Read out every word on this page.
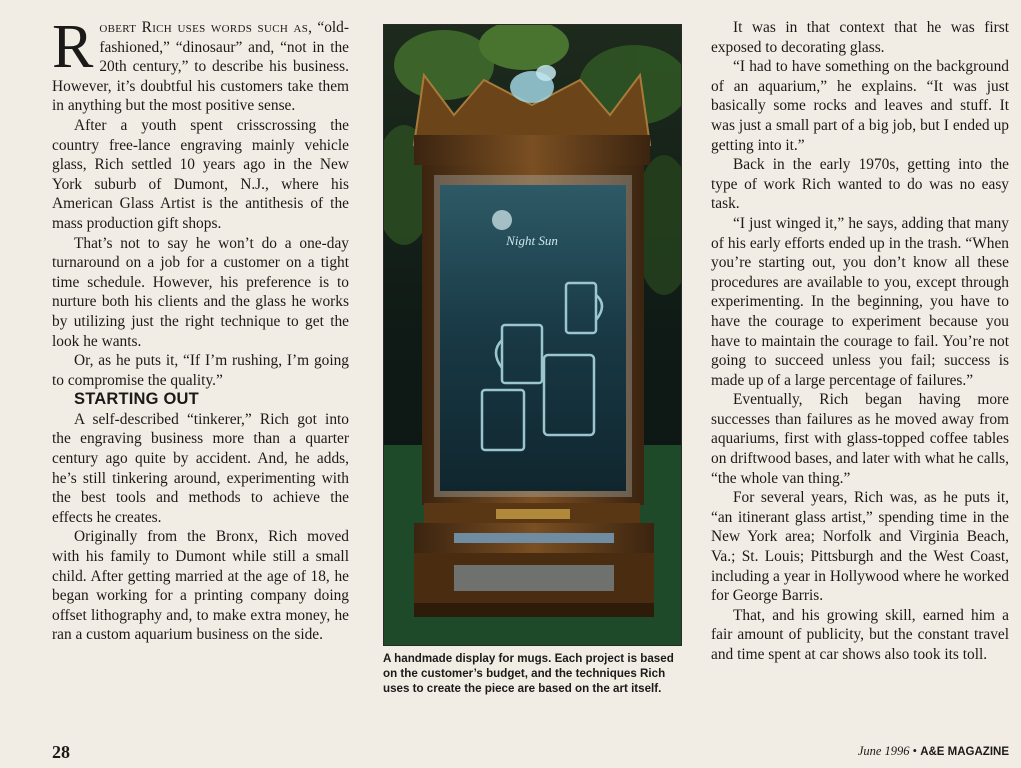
Robert Rich uses words such as, “old-fashioned,” “dinosaur” and, “not in the 20th century,” to describe his business. However, it’s doubtful his customers take them in anything but the most positive sense.

After a youth spent crisscrossing the country free-lance engraving mainly vehicle glass, Rich settled 10 years ago in the New York suburb of Dumont, N.J., where his American Glass Artist is the antithesis of the mass production gift shops.

That’s not to say he won’t do a one-day turnaround on a job for a customer on a tight time schedule. However, his preference is to nurture both his clients and the glass he works by utilizing just the right technique to get the look he wants.

Or, as he puts it, “If I’m rushing, I’m going to compromise the quality.”

STARTING OUT

A self-described “tinkerer,” Rich got into the engraving business more than a quarter century ago quite by accident. And, he adds, he’s still tinkering around, experimenting with the best tools and methods to achieve the effects he creates.

Originally from the Bronx, Rich moved with his family to Dumont while still a small child. After getting married at the age of 18, he began working for a printing company doing offset lithography and, to make extra money, he ran a custom aquarium business on the side.

Night Sun
A handmade display for mugs. Each project is based on the customer’s budget, and the techniques Rich uses to create the piece are based on the art itself.

It was in that context that he was first exposed to decorating glass.

“I had to have something on the background of an aquarium,” he explains. “It was just basically some rocks and leaves and stuff. It was just a small part of a big job, but I ended up getting into it.”

Back in the early 1970s, getting into the type of work Rich wanted to do was no easy task.

“I just winged it,” he says, adding that many of his early efforts ended up in the trash. “When you’re starting out, you don’t know all these procedures are available to you, except through experimenting. In the beginning, you have to have the courage to experiment because you have to maintain the courage to fail. You’re not going to succeed unless you fail; success is made up of a large percentage of failures.”

Eventually, Rich began having more successes than failures as he moved away from aquariums, first with glass-topped coffee tables on driftwood bases, and later with what he calls, “the whole van thing.”

For several years, Rich was, as he puts it, “an itinerant glass artist,” spending time in the New York area; Norfolk and Virginia Beach, Va.; St. Louis; Pittsburgh and the West Coast, including a year in Hollywood where he worked for George Barris.

That, and his growing skill, earned him a fair amount of publicity, but the constant travel and time spent at car shows also took its toll.

28	June 1996 • A&E MAGAZINE
